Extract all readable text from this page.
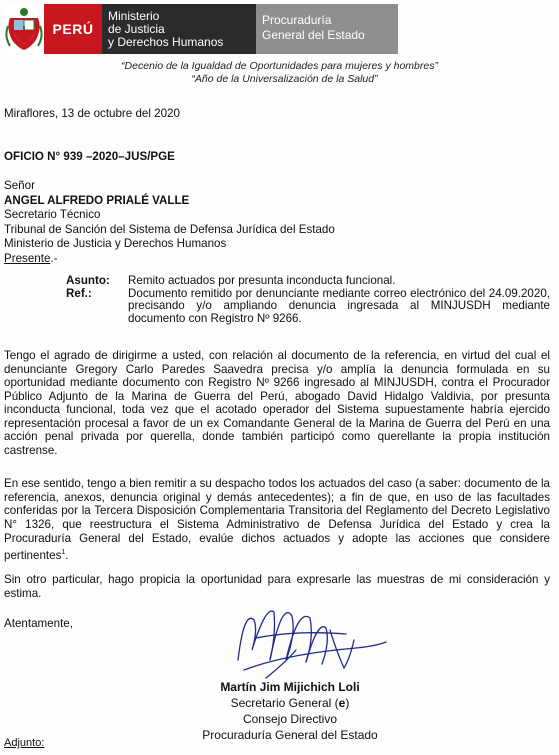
PERÚ
Ministerio
de Justicia
y Derechos Humanos
Procuraduría
General del Estado
“Decenio de la Igualdad de Oportunidades para mujeres y hombres”
“Año de la Universalización de la Salud”
Miraflores, 13 de octubre del 2020
OFICIO N° 939 –2020–JUS/PGE
Señor
ANGEL ALFREDO PRIALÉ VALLE
Secretario Técnico
Tribunal de Sanción del Sistema de Defensa Jurídica del Estado
Ministerio de Justicia y Derechos Humanos
Presente.-
Asunto:	Remito actuados por presunta inconducta funcional.
Ref.:	Documento remitido por denunciante mediante correo electrónico del 24.09.2020, precisando y/o ampliando denuncia ingresada al MINJUSDH mediante documento con Registro Nº 9266.
Tengo el agrado de dirigirme a usted, con relación al documento de la referencia, en virtud del cual el denunciante Gregory Carlo Paredes Saavedra precisa y/o amplía la denuncia formulada en su oportunidad mediante documento con Registro Nº 9266 ingresado al MINJUSDH, contra el Procurador Público Adjunto de la Marina de Guerra del Perú, abogado David Hidalgo Valdivia, por presunta inconducta funcional, toda vez que el acotado operador del Sistema supuestamente habría ejercido representación procesal a favor de un ex Comandante General de la Marina de Guerra del Perú en una acción penal privada por querella, donde también participó como querellante la propia institución castrense.
En ese sentido, tengo a bien remitir a su despacho todos los actuados del caso (a saber: documento de la referencia, anexos, denuncia original y demás antecedentes); a fin de que, en uso de las facultades conferidas por la Tercera Disposición Complementaria Transitoria del Reglamento del Decreto Legislativo N° 1326, que reestructura el Sistema Administrativo de Defensa Jurídica del Estado y crea la Procuraduría General del Estado, evalúe dichos actuados y adopte las acciones que considere pertinentes$^1$.
Sin otro particular, hago propicia la oportunidad para expresarle las muestras de mi consideración y estima.
Atentamente,
Martín Jim Mijichich Loli
Secretario General (e)
Consejo Directivo
Procuraduría General del Estado
Adjunto:
